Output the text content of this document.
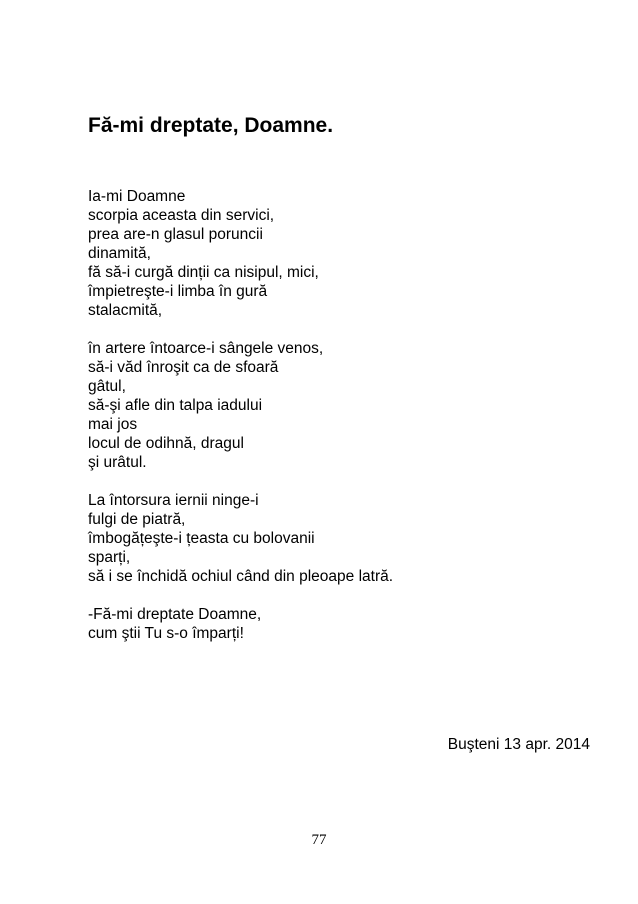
Fă-mi dreptate, Doamne.
Ia-mi Doamne
scorpia aceasta din servici,
prea are-n glasul poruncii
dinamită,
fă să-i curgă dinții ca nisipul, mici,
împietreşte-i limba în gură
stalacmită,
în artere întoarce-i sângele venos,
să-i văd înroşit ca de sfoară
gâtul,
să-şi afle din talpa iadului
mai jos
locul de odihnă, dragul
şi urâtul.
La întorsura iernii ninge-i
fulgi de piatră,
îmbogățeşte-i țeasta cu bolovanii
sparți,
să i se închidă ochiul când din pleoape latră.
-Fă-mi dreptate Doamne,
cum ştii Tu s-o împarți!
Buşteni 13 apr. 2014
77
